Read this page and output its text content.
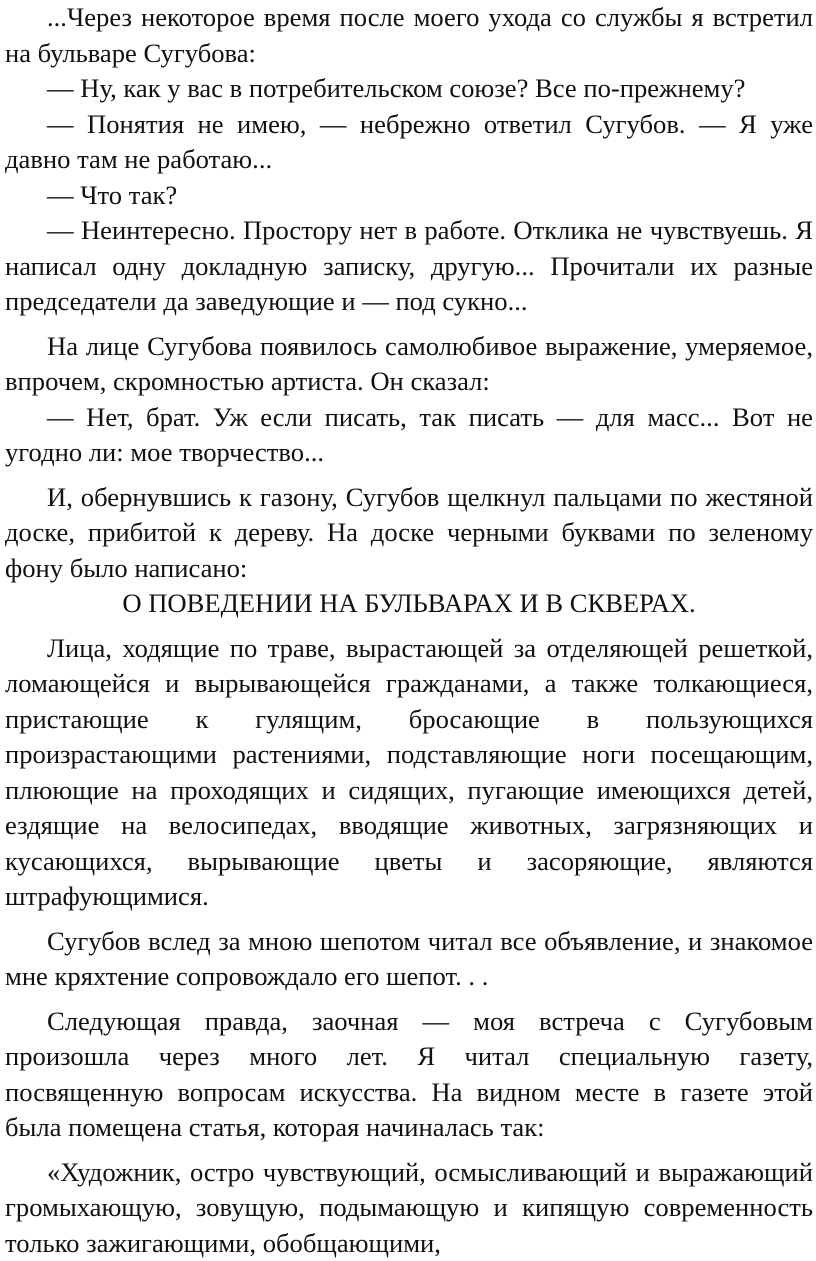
...Через некоторое время после моего ухода со службы я встретил на бульваре Сугубова:

— Ну, как у вас в потребительском союзе? Все по-прежнему?

— Понятия не имею, — небрежно ответил Сугубов. — Я уже давно там не работаю...

— Что так?

— Неинтересно. Простору нет в работе. Отклика не чувствуешь. Я написал одну докладную записку, другую... Прочитали их разные председатели да заведующие и — под сукно...

На лице Сугубова появилось самолюбивое выражение, умеряемое, впрочем, скромностью артиста. Он сказал:

— Нет, брат. Уж если писать, так писать — для масс... Вот не угодно ли: мое творчество...

И, обернувшись к газону, Сугубов щелкнул пальцами по жестяной доске, прибитой к дереву. На доске черными буквами по зеленому фону было написано:

О ПОВЕДЕНИИ НА БУЛЬВАРАХ И В СКВЕРАХ.

Лица, ходящие по траве, вырастающей за отделяющей решеткой, ломающейся и вырывающейся гражданами, а также толкающиеся, пристающие к гулящим, бросающие в пользующихся произрастающими растениями, подставляющие ноги посещающим, плюющие на проходящих и сидящих, пугающие имеющихся детей, ездящие на велосипедах, вводящие животных, загрязняющих и кусающихся, вырывающие цветы и засоряющие, являются штрафующимися.

Сугубов вслед за мною шепотом читал все объявление, и знакомое мне кряхтение сопровождало его шепот. . .

Следующая правда, заочная — моя встреча с Сугубовым произошла через много лет. Я читал специальную газету, посвященную вопросам искусства. На видном месте в газете этой была помещена статья, которая начиналась так:

«Художник, остро чувствующий, осмысливающий и выражающий громыхающую, зовущую, подымающую и кипящую современность только зажигающими, обобщающими,
